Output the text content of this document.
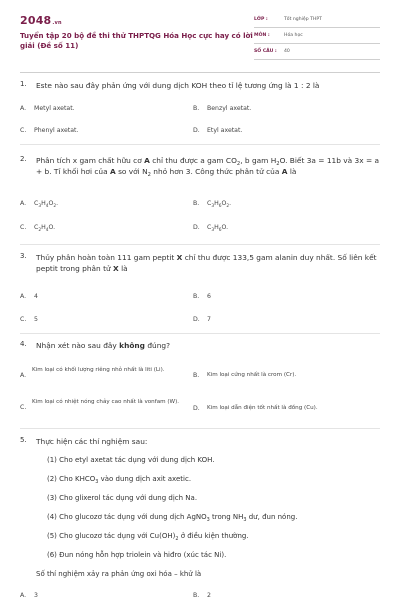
2048.vn
Tuyển tập 20 bộ đề thi thử THPTQG Hóa Học cực hay có lời giải (Đề số 11)
LỚP :	Tốt nghiệp THPT
MÔN :	Hóa học
SỐ CÂU : 40
1. Este nào sau đây phản ứng với dung dịch KOH theo tỉ lệ tương ứng là 1 : 2 là
A. Metyl axetat.	B. Benzyl axetat.
C. Phenyl axetat.	D. Etyl axetat.
2. Phân tích x gam chất hữu cơ A chỉ thu được a gam $CO_2$, b gam $H_2O$. Biết 3a = 11b và 3x = a + b. Tỉ khối hơi của A so với $N_2$ nhỏ hơn 3. Công thức phân tử của A là
A. $C_3H_4O_2$.	B. $C_3H_6O_2$.
C. $C_2H_4O$.	D. $C_3H_6O$.
3. Thủy phân hoàn toàn 111 gam peptit X chỉ thu được 133,5 gam alanin duy nhất. Số liên kết peptit trong phân tử X là
A. 4	B. 6
C. 5	D. 7
4. Nhận xét nào sau đây không đúng?
A.
Kim loại có khối lượng riêng nhỏ nhất là liti (Li).
B. Kim loại cứng nhất là crom (Cr).
C.
Kim loại có nhiệt nóng chảy cao nhất là vonfam (W).
D. Kim loại dẫn điện tốt nhất là đồng (Cu).
5. Thực hiện các thí nghiệm sau:
(1) Cho etyl axetat tác dụng với dung dịch KOH.
(2) Cho $KHCO_3$ vào dung dịch axit axetic.
(3) Cho glixerol tác dụng với dung dịch Na.
(4) Cho glucozơ tác dụng với dung dịch AgNO$_3$ trong $NH_3$ dư, đun nóng.
(5) Cho glucozơ tác dụng với $Cu(OH)_2$ ở điều kiện thường.
(6) Đun nóng hỗn hợp triolein và hiđro (xúc tác Ni).
Số thí nghiệm xảy ra phản ứng oxi hóa – khử là
A. 3	B. 2
